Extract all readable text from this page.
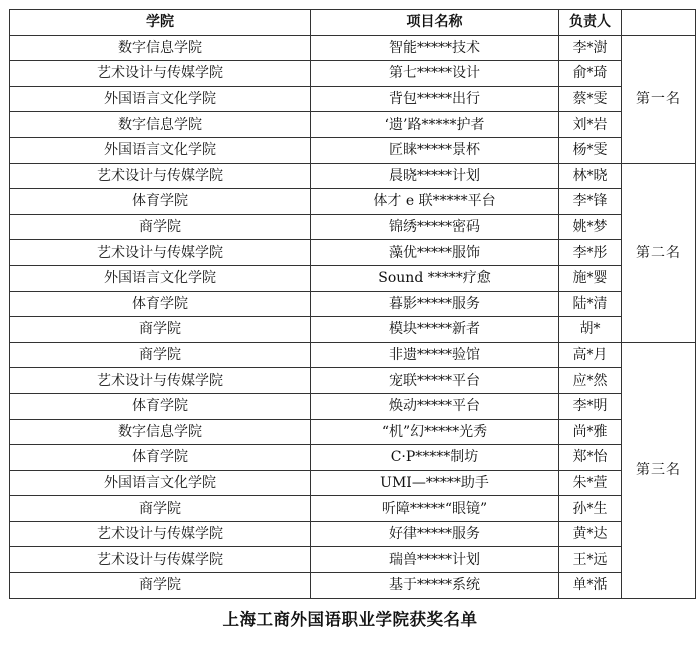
学院	项目名称	负责人	
数字信息学院	智能*****技术	李*澍	第一名
艺术设计与传媒学院	第七*****设计	俞*琦	
外国语言文化学院	背包*****出行	蔡*雯	
数字信息学院	‘遗’路*****护者	刘*岩	
外国语言文化学院	匠睐*****景杯	杨*雯	
艺术设计与传媒学院	晨晓*****计划	林*晓	第二名
体育学院	体才 e 联*****平台	李*锋	
商学院	锦绣*****密码	姚*梦	
艺术设计与传媒学院	藻优*****服饰	李*彤	
外国语言文化学院	Sound *****疗愈	施*婴	
体育学院	暮影*****服务	陆*清	
商学院	模块*****新者	胡*	
商学院	非遗*****验馆	高*月	第三名
艺术设计与传媒学院	宠联*****平台	应*然	
体育学院	焕动*****平台	李*明	
数字信息学院	“机”幻*****光秀	尚*雅	
体育学院	C·P*****制坊	郑*怡	
外国语言文化学院	UMI—*****助手	朱*萱	
商学院	听障*****“眼镜”	孙*生	
艺术设计与传媒学院	好律*****服务	黄*达	
艺术设计与传媒学院	瑞兽*****计划	王*远	
商学院	基于*****系统	单*湉	
上海工商外国语职业学院获奖名单
